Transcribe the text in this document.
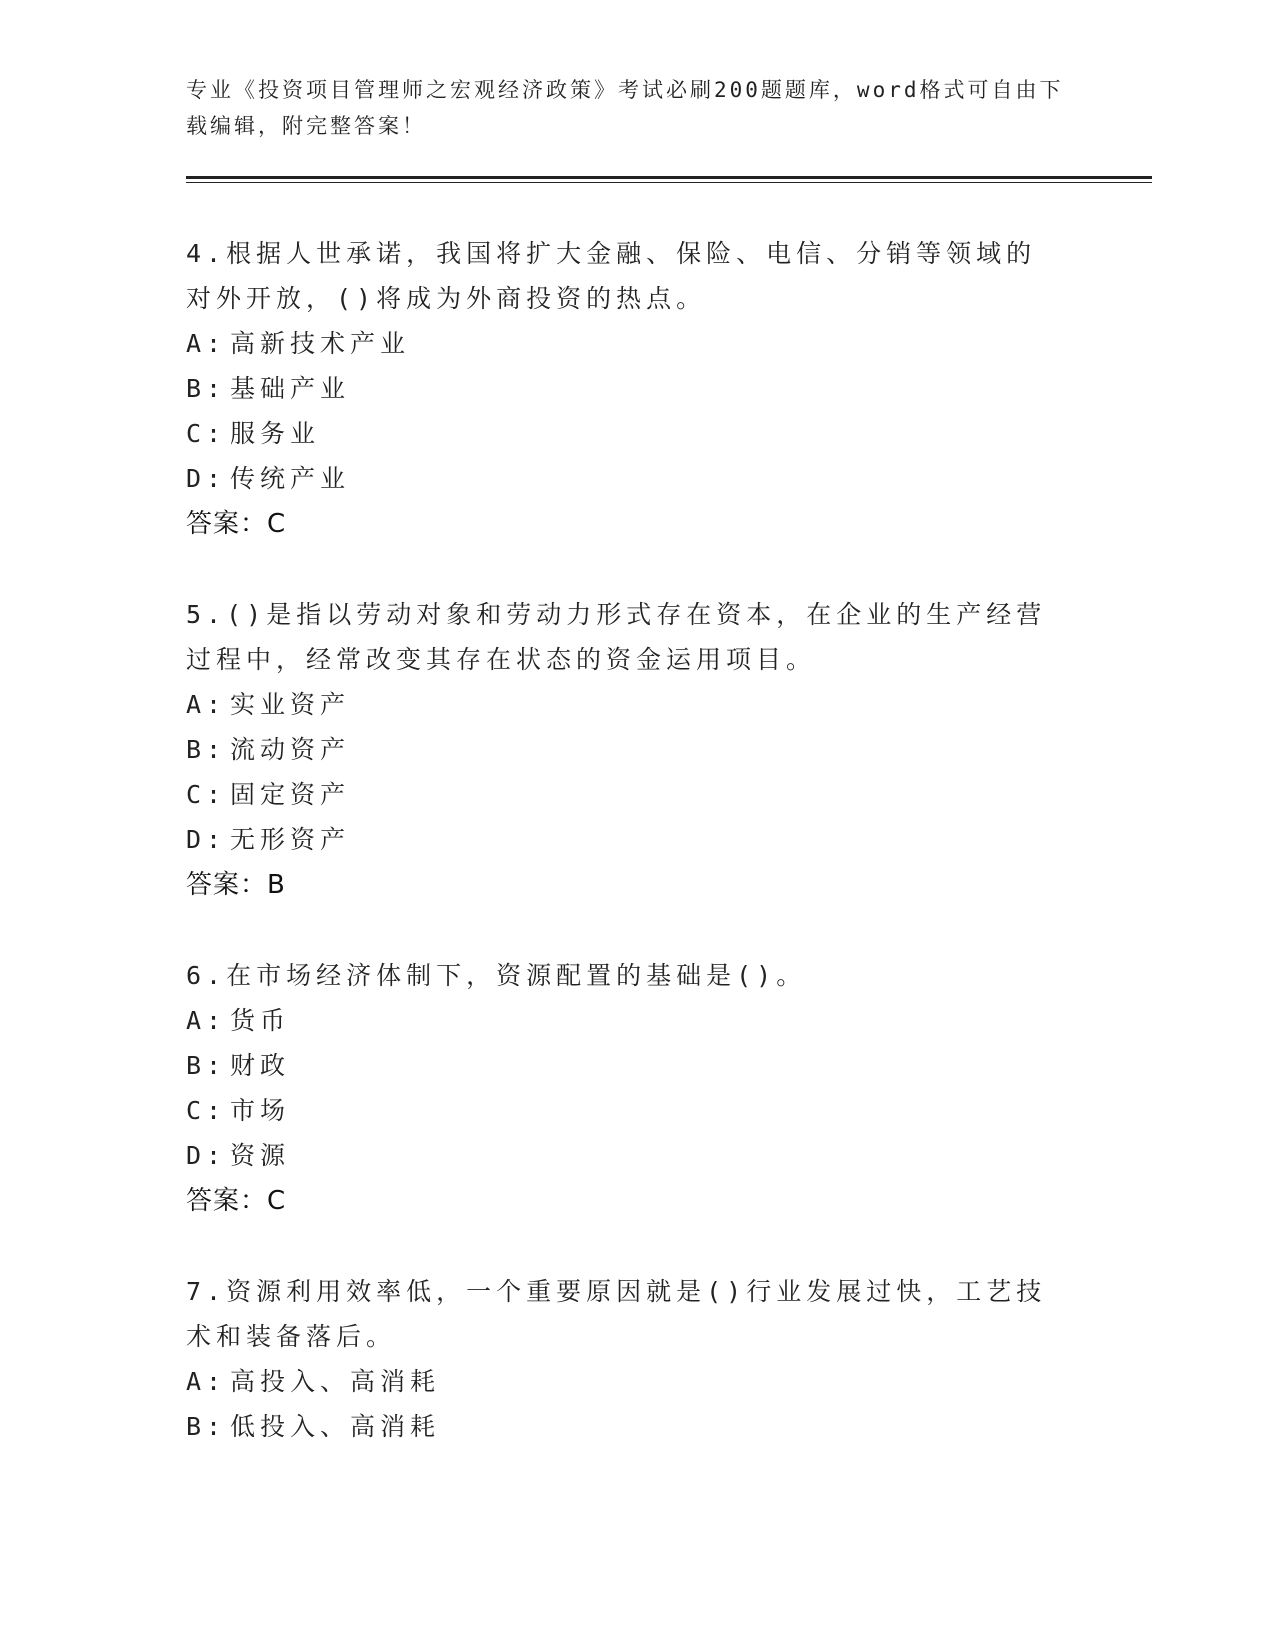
专业《投资项目管理师之宏观经济政策》考试必刷200题题库，word格式可自由下载编辑，附完整答案！
4.根据人世承诺，我国将扩大金融、保险、电信、分销等领域的对外开放，()将成为外商投资的热点。
A: 高新技术产业
B: 基础产业
C: 服务业
D: 传统产业
答案：C
5.()是指以劳动对象和劳动力形式存在资本，在企业的生产经营过程中，经常改变其存在状态的资金运用项目。
A: 实业资产
B: 流动资产
C: 固定资产
D: 无形资产
答案：B
6.在市场经济体制下，资源配置的基础是()。
A: 货币
B: 财政
C: 市场
D: 资源
答案：C
7.资源利用效率低，一个重要原因就是()行业发展过快，工艺技术和装备落后。
A: 高投入、高消耗
B: 低投入、高消耗
